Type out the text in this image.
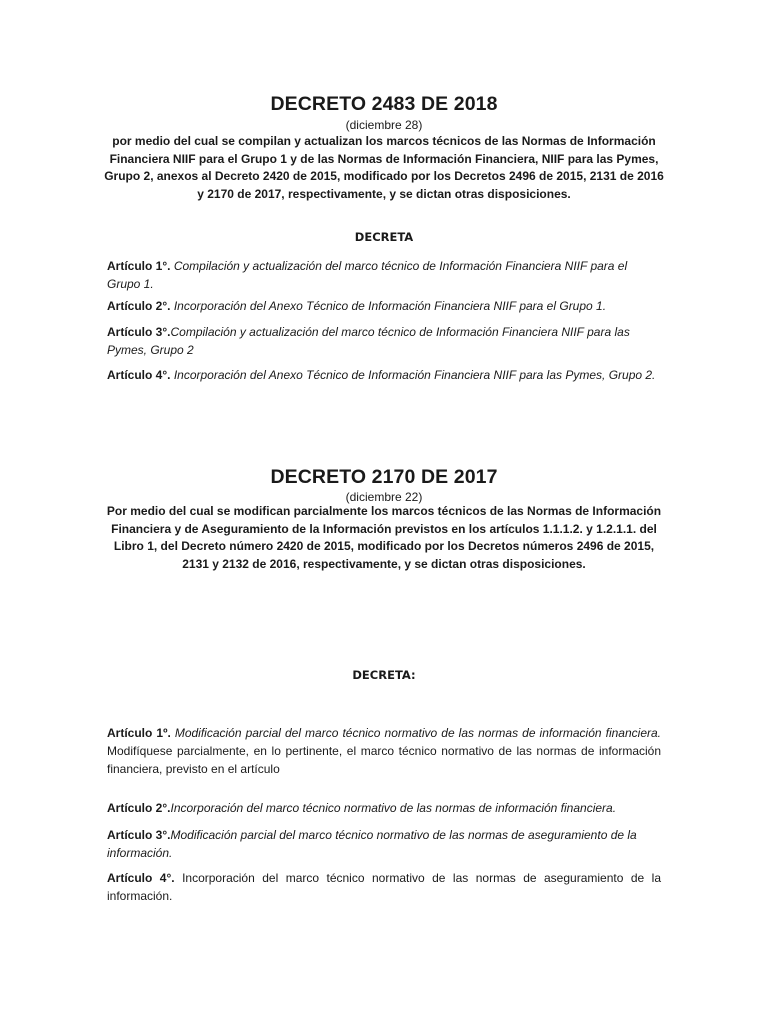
DECRETO 2483 DE 2018
(diciembre 28)
por medio del cual se compilan y actualizan los marcos técnicos de las Normas de Información Financiera NIIF para el Grupo 1 y de las Normas de Información Financiera, NIIF para las Pymes, Grupo 2, anexos al Decreto 2420 de 2015, modificado por los Decretos 2496 de 2015, 2131 de 2016 y 2170 de 2017, respectivamente, y se dictan otras disposiciones.
DECRETA
Artículo 1°. Compilación y actualización del marco técnico de Información Financiera NIIF para el Grupo 1.
Artículo 2°. Incorporación del Anexo Técnico de Información Financiera NIIF para el Grupo 1.
Artículo 3°.Compilación y actualización del marco técnico de Información Financiera NIIF para las Pymes, Grupo 2
Artículo 4°. Incorporación del Anexo Técnico de Información Financiera NIIF para las Pymes, Grupo 2.
DECRETO 2170 DE 2017
(diciembre 22)
Por medio del cual se modifican parcialmente los marcos técnicos de las Normas de Información Financiera y de Aseguramiento de la Información previstos en los artículos 1.1.1.2. y 1.2.1.1. del Libro 1, del Decreto número 2420 de 2015, modificado por los Decretos números 2496 de 2015, 2131 y 2132 de 2016, respectivamente, y se dictan otras disposiciones.
DECRETA:
Artículo 1º. Modificación parcial del marco técnico normativo de las normas de información financiera. Modifíquese parcialmente, en lo pertinente, el marco técnico normativo de las normas de información financiera, previsto en el artículo
Artículo 2°.Incorporación del marco técnico normativo de las normas de información financiera.
Artículo 3°.Modificación parcial del marco técnico normativo de las normas de aseguramiento de la información.
Artículo 4°. Incorporación del marco técnico normativo de las normas de aseguramiento de la información.
